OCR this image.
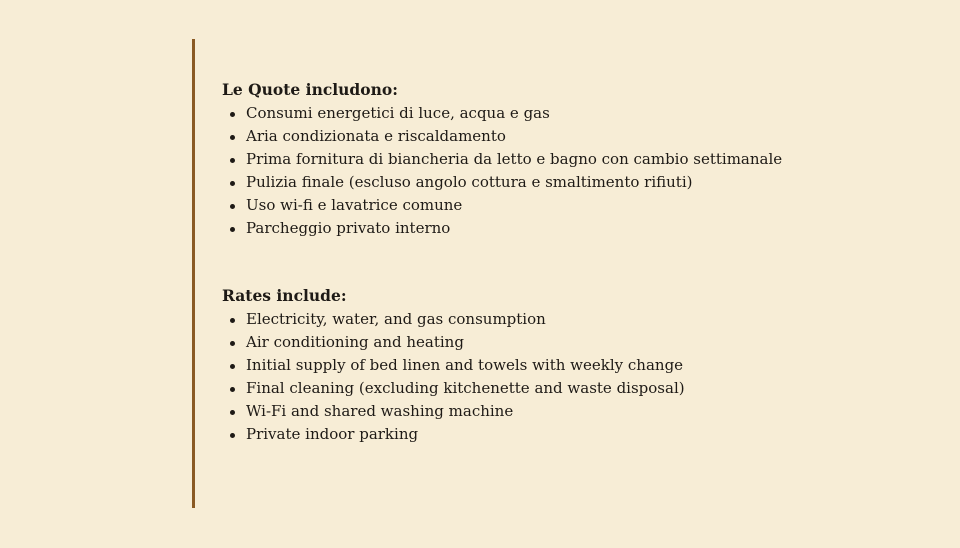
Le Quote includono:
Consumi energetici di luce, acqua e gas
Aria condizionata e riscaldamento
Prima fornitura di biancheria da letto e bagno con cambio settimanale
Pulizia finale (escluso angolo cottura e smaltimento rifiuti)
Uso wi-fi e lavatrice comune
Parcheggio privato interno
Rates include:
Electricity, water, and gas consumption
Air conditioning and heating
Initial supply of bed linen and towels with weekly change
Final cleaning (excluding kitchenette and waste disposal)
Wi-Fi and shared washing machine
Private indoor parking
